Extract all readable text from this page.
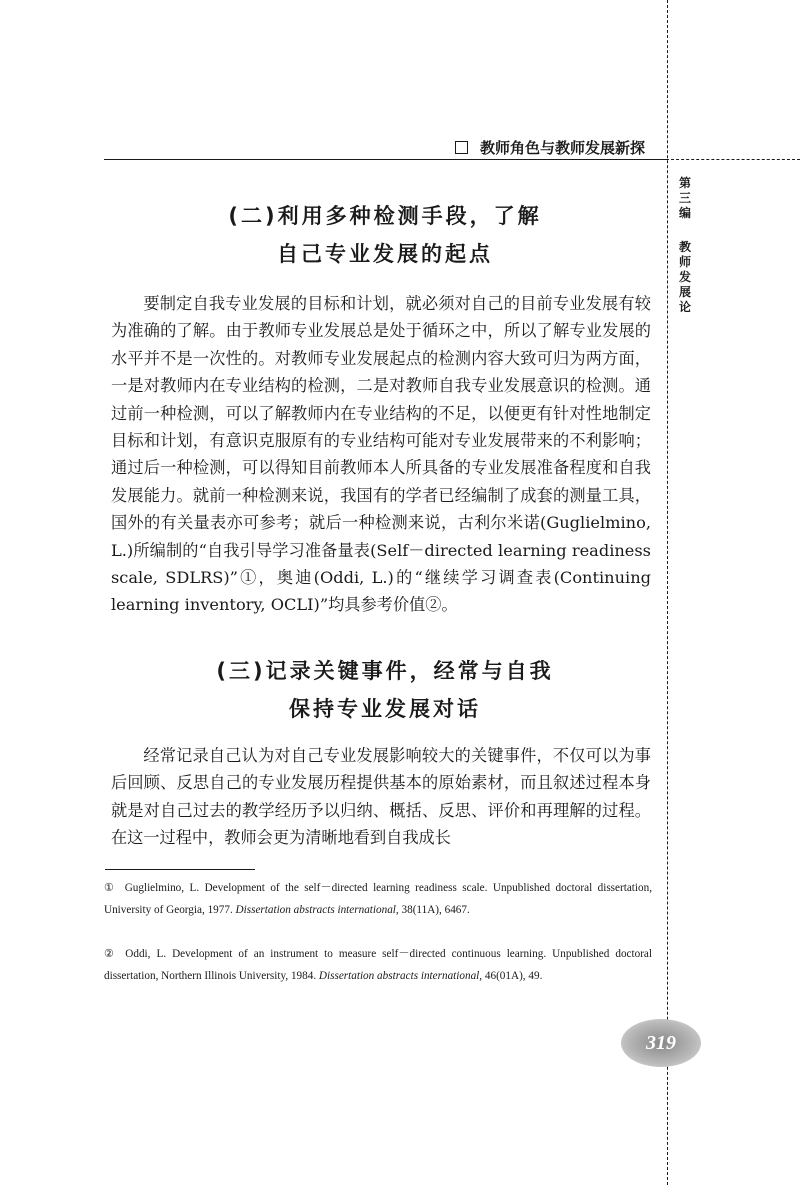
教师角色与教师发展新探
第
三
编
教
师
发
展
论
(二)利用多种检测手段，了解
自己专业发展的起点

要制定自我专业发展的目标和计划，就必须对自己的目前专业发展有较为准确的了解。由于教师专业发展总是处于循环之中，所以了解专业发展的水平并不是一次性的。对教师专业发展起点的检测内容大致可归为两方面，一是对教师内在专业结构的检测，二是对教师自我专业发展意识的检测。通过前一种检测，可以了解教师内在专业结构的不足，以便更有针对性地制定目标和计划，有意识克服原有的专业结构可能对专业发展带来的不利影响；通过后一种检测，可以得知目前教师本人所具备的专业发展准备程度和自我发展能力。就前一种检测来说，我国有的学者已经编制了成套的测量工具，国外的有关量表亦可参考；就后一种检测来说，古利尔米诺(Guglielmino, L.)所编制的“自我引导学习准备量表(Self－directed learning readiness scale, SDLRS)”①，奥迪(Oddi, L.)的“继续学习调查表(Continuing learning inventory, OCLI)”均具参考价值②。

(三)记录关键事件，经常与自我
保持专业发展对话

经常记录自己认为对自己专业发展影响较大的关键事件，不仅可以为事后回顾、反思自己的专业发展历程提供基本的原始素材，而且叙述过程本身就是对自己过去的教学经历予以归纳、概括、反思、评价和再理解的过程。在这一过程中，教师会更为清晰地看到自我成长

① Guglielmino, L. Development of the self－directed learning readiness scale. Unpublished doctoral dissertation, University of Georgia, 1977. Dissertation abstracts international, 38(11A), 6467.

② Oddi, L. Development of an instrument to measure self－directed continuous learning. Unpublished doctoral dissertation, Northern Illinois University, 1984. Dissertation abstracts international, 46(01A), 49.

319
